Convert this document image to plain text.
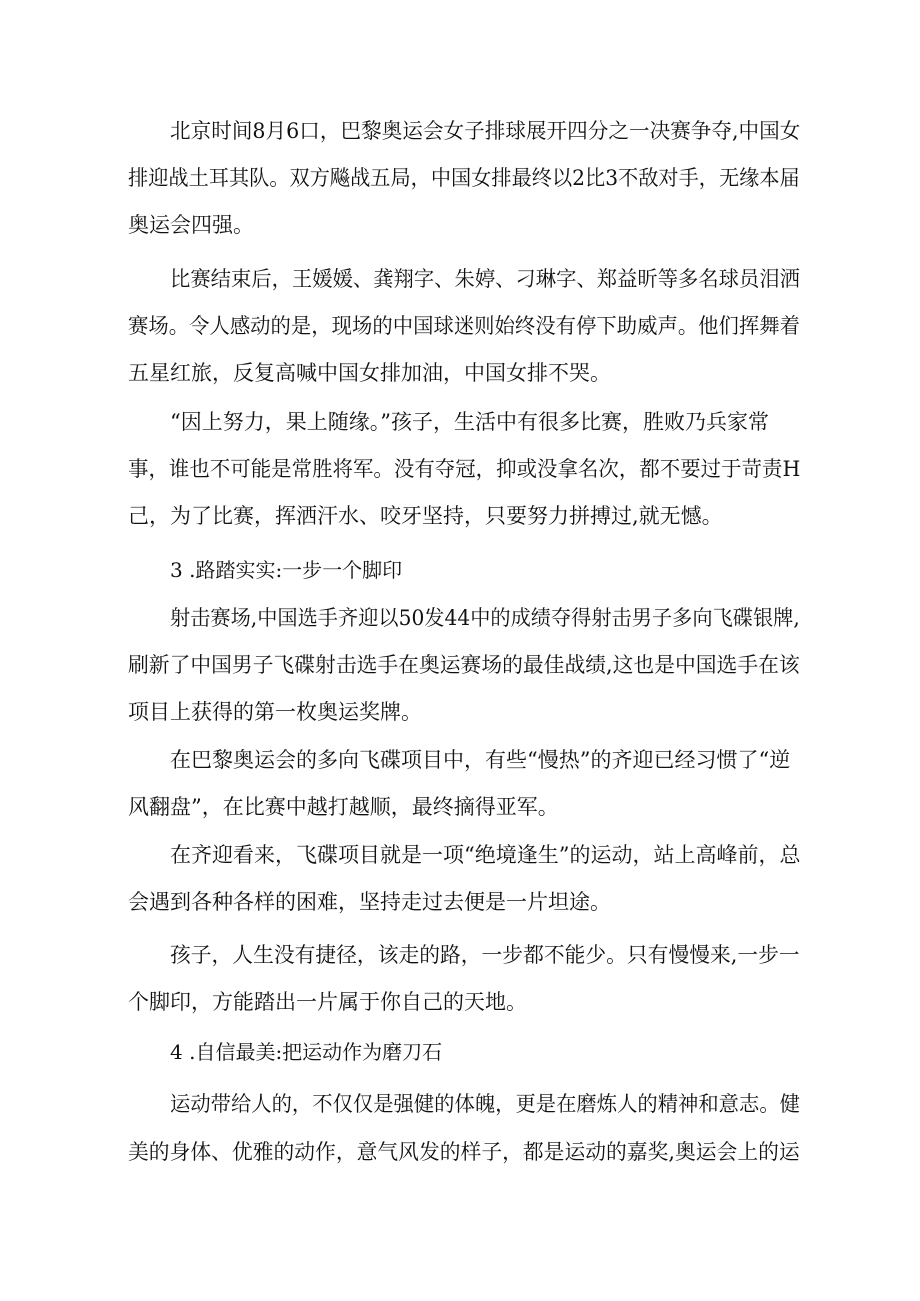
北京时间8月6口，巴黎奥运会女子排球展开四分之一决赛争夺,中国女
排迎战土耳其队。双方飚战五局，中国女排最终以2比3不敌对手，无缘本届
奥运会四强。
比赛结束后，王媛媛、龚翔字、朱婷、刁琳字、郑益昕等多名球员泪洒
赛场。令人感动的是，现场的中国球迷则始终没有停下助威声。他们挥舞着
五星红旅，反复高喊中国女排加油，中国女排不哭。
“因上努力，果上随缘。”孩子，生活中有很多比赛，胜败乃兵家常
事，谁也不可能是常胜将军。没有夺冠，抑或没拿名次，都不要过于苛责H
己，为了比赛，挥洒汗水、咬牙坚持，只要努力拼搏过,就无憾。
3 .路踏实实:一步一个脚印
射击赛场,中国选手齐迎以50发44中的成绩夺得射击男子多向飞碟银牌,
刷新了中国男子飞碟射击选手在奥运赛场的最佳战绩,这也是中国选手在该
项目上获得的第一枚奥运奖牌。
在巴黎奥运会的多向飞碟项目中，有些“慢热”的齐迎已经习惯了“逆
风翻盘”，在比赛中越打越顺，最终摘得亚军。
在齐迎看来，飞碟项目就是一项“绝境逢生”的运动，站上高峰前，总
会遇到各种各样的困难，坚持走过去便是一片坦途。
孩子，人生没有捷径，该走的路，一步都不能少。只有慢慢来,一步一
个脚印，方能踏出一片属于你自己的天地。
4 .自信最美:把运动作为磨刀石
运动带给人的，不仅仅是强健的体魄，更是在磨炼人的精神和意志。健
美的身体、优雅的动作，意气风发的样子，都是运动的嘉奖,奥运会上的运
